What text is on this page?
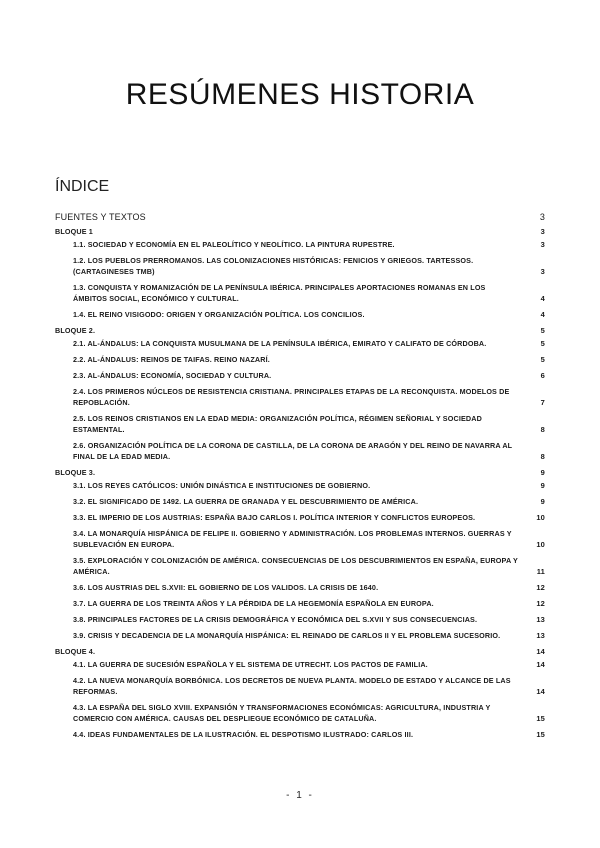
RESÚMENES HISTORIA
ÍNDICE
FUENTES Y TEXTOS	3
BLOQUE 1	3
1.1. SOCIEDAD Y ECONOMÍA EN EL PALEOLÍTICO Y NEOLÍTICO. LA PINTURA RUPESTRE.	3
1.2. LOS PUEBLOS PRERROMANOS. LAS COLONIZACIONES HISTÓRICAS: FENICIOS Y GRIEGOS. TARTESSOS. (CARTAGINESES TMB)	3
1.3. CONQUISTA Y ROMANIZACIÓN DE LA PENÍNSULA IBÉRICA. PRINCIPALES APORTACIONES ROMANAS EN LOS ÁMBITOS SOCIAL, ECONÓMICO Y CULTURAL.	4
1.4. EL REINO VISIGODO: ORIGEN Y ORGANIZACIÓN POLÍTICA. LOS CONCILIOS.	4
BLOQUE 2.	5
2.1. AL-ÁNDALUS: LA CONQUISTA MUSULMANA DE LA PENÍNSULA IBÉRICA, EMIRATO Y CALIFATO DE CÓRDOBA.	5
2.2. AL-ÁNDALUS: REINOS DE TAIFAS. REINO NAZARÍ.	5
2.3. AL-ÁNDALUS: ECONOMÍA, SOCIEDAD Y CULTURA.	6
2.4. LOS PRIMEROS NÚCLEOS DE RESISTENCIA CRISTIANA. PRINCIPALES ETAPAS DE LA RECONQUISTA. MODELOS DE REPOBLACIÓN.	7
2.5. LOS REINOS CRISTIANOS EN LA EDAD MEDIA: ORGANIZACIÓN POLÍTICA, RÉGIMEN SEÑORIAL Y SOCIEDAD ESTAMENTAL.	8
2.6. ORGANIZACIÓN POLÍTICA DE LA CORONA DE CASTILLA, DE LA CORONA DE ARAGÓN Y DEL REINO DE NAVARRA AL FINAL DE LA EDAD MEDIA.	8
BLOQUE 3.	9
3.1. LOS REYES CATÓLICOS: UNIÓN DINÁSTICA E INSTITUCIONES DE GOBIERNO.	9
3.2. EL SIGNIFICADO DE 1492. LA GUERRA DE GRANADA Y EL DESCUBRIMIENTO DE AMÉRICA.	9
3.3. EL IMPERIO DE LOS AUSTRIAS: ESPAÑA BAJO CARLOS I. POLÍTICA INTERIOR Y CONFLICTOS EUROPEOS.	10
3.4. LA MONARQUÍA HISPÁNICA DE FELIPE II. GOBIERNO Y ADMINISTRACIÓN. LOS PROBLEMAS INTERNOS. GUERRAS Y SUBLEVACIÓN EN EUROPA.	10
3.5. EXPLORACIÓN Y COLONIZACIÓN DE AMÉRICA. CONSECUENCIAS DE LOS DESCUBRIMIENTOS EN ESPAÑA, EUROPA Y AMÉRICA.	11
3.6. LOS AUSTRIAS DEL S.XVII: EL GOBIERNO DE LOS VALIDOS. LA CRISIS DE 1640.	12
3.7. LA GUERRA DE LOS TREINTA AÑOS Y LA PÉRDIDA DE LA HEGEMONÍA ESPAÑOLA EN EUROPA.	12
3.8. PRINCIPALES FACTORES DE LA CRISIS DEMOGRÁFICA Y ECONÓMICA DEL S.XVII Y SUS CONSECUENCIAS.	13
3.9. CRISIS Y DECADENCIA DE LA MONARQUÍA HISPÁNICA: EL REINADO DE CARLOS II Y EL PROBLEMA SUCESORIO.	13
BLOQUE 4.	14
4.1. LA GUERRA DE SUCESIÓN ESPAÑOLA Y EL SISTEMA DE UTRECHT. LOS PACTOS DE FAMILIA.	14
4.2. LA NUEVA MONARQUÍA BORBÓNICA. LOS DECRETOS DE NUEVA PLANTA. MODELO DE ESTADO Y ALCANCE DE LAS REFORMAS.	14
4.3. LA ESPAÑA DEL SIGLO XVIII. EXPANSIÓN Y TRANSFORMACIONES ECONÓMICAS: AGRICULTURA, INDUSTRIA Y COMERCIO CON AMÉRICA. CAUSAS DEL DESPLIEGUE ECONÓMICO DE CATALUÑA.	15
4.4. IDEAS FUNDAMENTALES DE LA ILUSTRACIÓN. EL DESPOTISMO ILUSTRADO: CARLOS III.	15
- 1 -
